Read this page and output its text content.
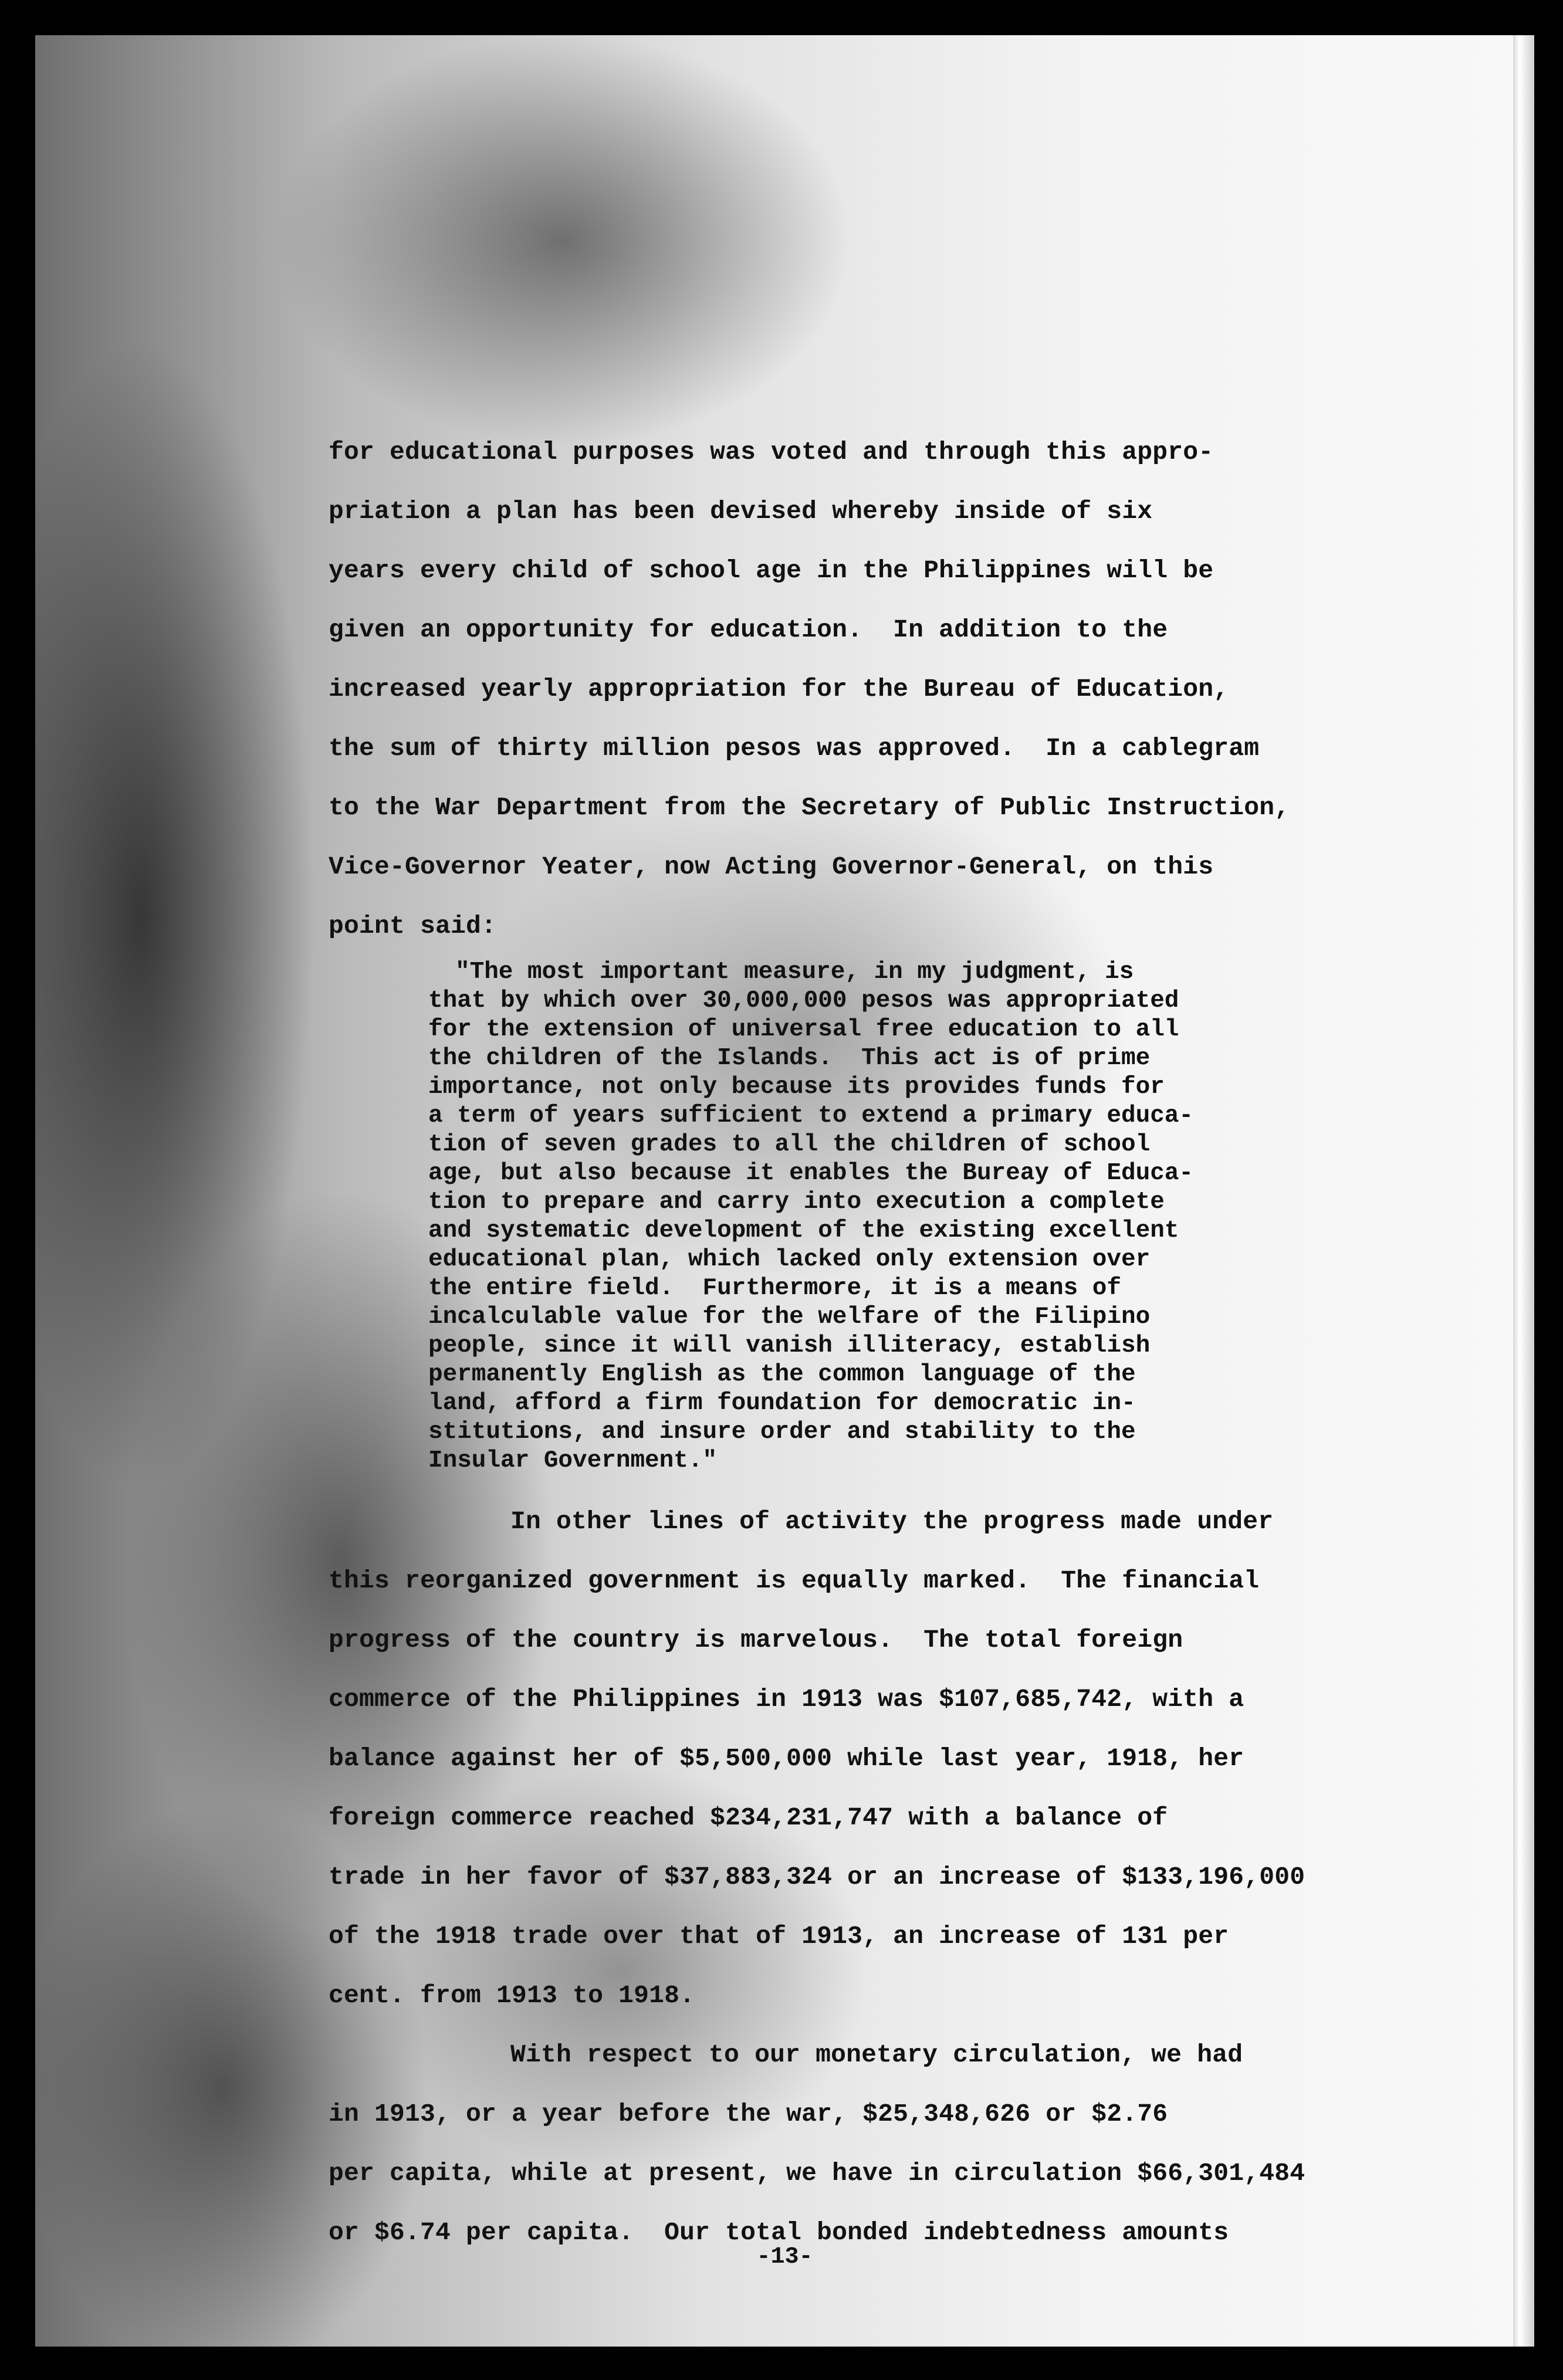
for educational purposes was voted and through this appro-
priation a plan has been devised whereby inside of six
years every child of school age in the Philippines will be
given an opportunity for education.  In addition to the
increased yearly appropriation for the Bureau of Education,
the sum of thirty million pesos was approved.  In a cablegram
to the War Department from the Secretary of Public Instruction,
Vice-Governor Yeater, now Acting Governor-General, on this
point said:
"The most important measure, in my judgment, is
that by which over 30,000,000 pesos was appropriated
for the extension of universal free education to all
the children of the Islands.  This act is of prime
importance, not only because its provides funds for
a term of years sufficient to extend a primary educa-
tion of seven grades to all the children of school
age, but also because it enables the Bureay of Educa-
tion to prepare and carry into execution a complete
and systematic development of the existing excellent
educational plan, which lacked only extension over
the entire field.  Furthermore, it is a means of
incalculable value for the welfare of the Filipino
people, since it will vanish illiteracy, establish
permanently English as the common language of the
land, afford a firm foundation for democratic in-
stitutions, and insure order and stability to the
Insular Government."
In other lines of activity the progress made under
this reorganized government is equally marked.  The financial
progress of the country is marvelous.  The total foreign
commerce of the Philippines in 1913 was $107,685,742, with a
balance against her of $5,500,000 while last year, 1918, her
foreign commerce reached $234,231,747 with a balance of
trade in her favor of $37,883,324 or an increase of $133,196,000
of the 1918 trade over that of 1913, an increase of 131 per
cent. from 1913 to 1918.
With respect to our monetary circulation, we had
in 1913, or a year before the war, $25,348,626 or $2.76
per capita, while at present, we have in circulation $66,301,484
or $6.74 per capita.  Our total bonded indebtedness amounts
-13-
